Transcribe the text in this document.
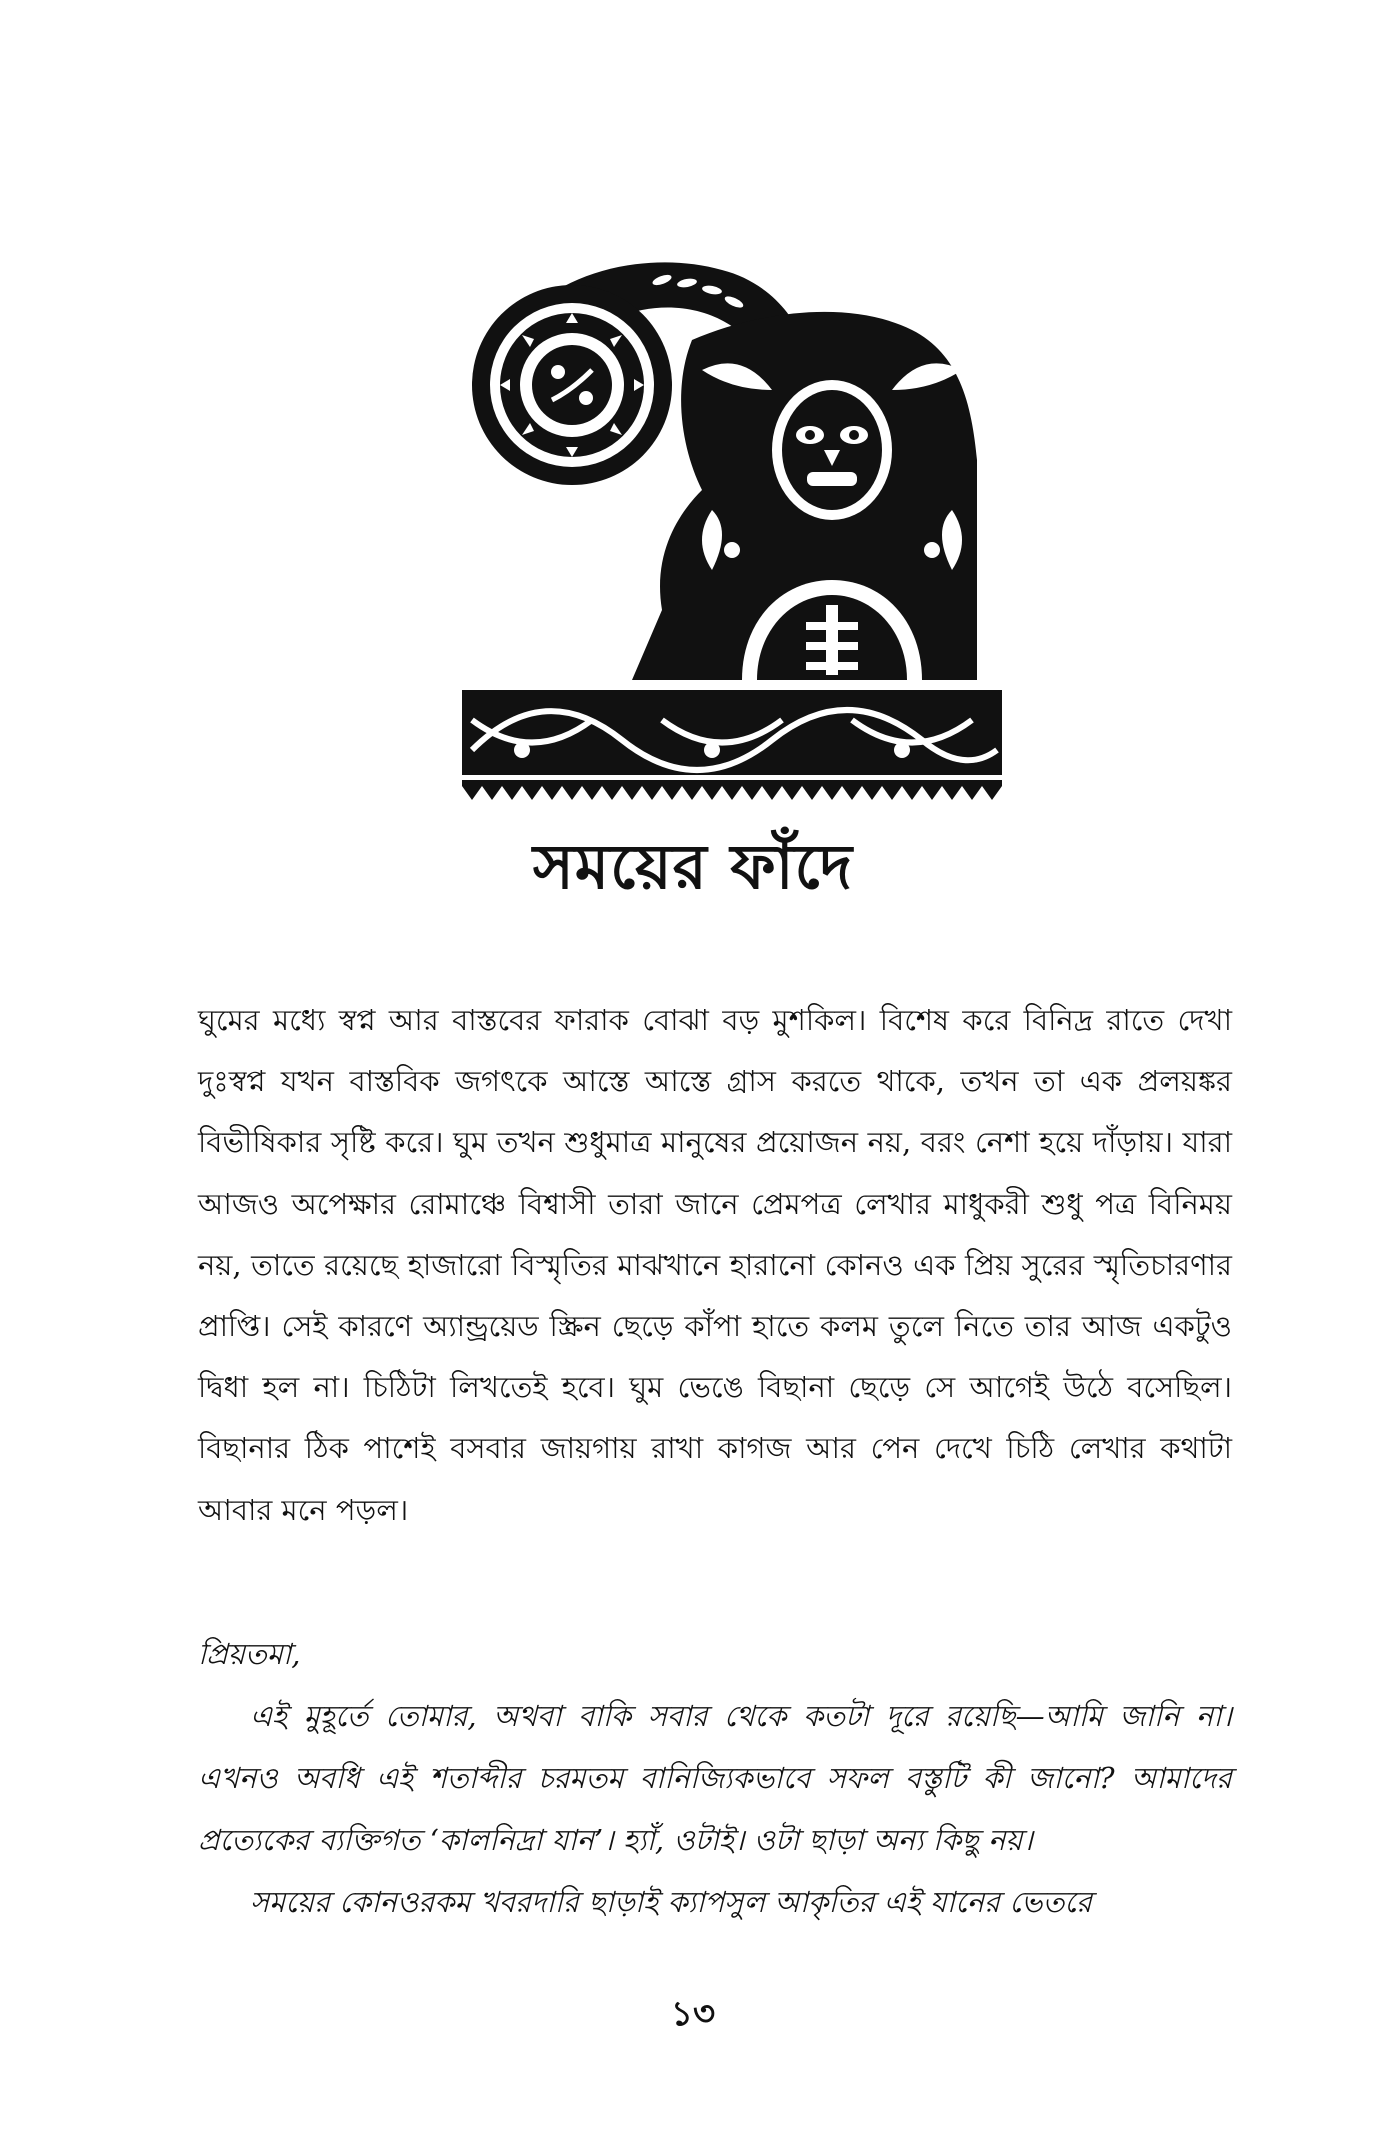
সময়ের ফাঁদে

ঘুমের মধ্যে স্বপ্ন আর বাস্তবের ফারাক বোঝা বড় মুশকিল। বিশেষ করে বিনিদ্র রাতে দেখা দুঃস্বপ্ন যখন বাস্তবিক জগৎকে আস্তে আস্তে গ্রাস করতে থাকে, তখন তা এক প্রলয়ঙ্কর বিভীষিকার সৃষ্টি করে। ঘুম তখন শুধুমাত্র মানুষের প্রয়োজন নয়, বরং নেশা হয়ে দাঁড়ায়। যারা আজও অপেক্ষার রোমাঞ্চে বিশ্বাসী তারা জানে প্রেমপত্র লেখার মাধুকরী শুধু পত্র বিনিময় নয়, তাতে রয়েছে হাজারো বিস্মৃতির মাঝখানে হারানো কোনও এক প্রিয় সুরের স্মৃতিচারণার প্রাপ্তি। সেই কারণে অ্যান্ড্রয়েড স্ক্রিন ছেড়ে কাঁপা হাতে কলম তুলে নিতে তার আজ একটুও দ্বিধা হল না। চিঠিটা লিখতেই হবে। ঘুম ভেঙে বিছানা ছেড়ে সে আগেই উঠে বসেছিল। বিছানার ঠিক পাশেই বসবার জায়গায় রাখা কাগজ আর পেন দেখে চিঠি লেখার কথাটা আবার মনে পড়ল।

প্রিয়তমা,

এই মুহূর্তে তোমার, অথবা বাকি সবার থেকে কতটা দূরে রয়েছি—আমি জানি না। এখনও অবধি এই শতাব্দীর চরমতম বানিজ্যিকভাবে সফল বস্তুটি কী জানো? আমাদের প্রত্যেকের ব্যক্তিগত ‘কালনিদ্রা যান’। হ্যাঁ, ওটাই। ওটা ছাড়া অন্য কিছু নয়।

সময়ের কোনওরকম খবরদারি ছাড়াই ক্যাপসুল আকৃতির এই যানের ভেতরে

১৩
